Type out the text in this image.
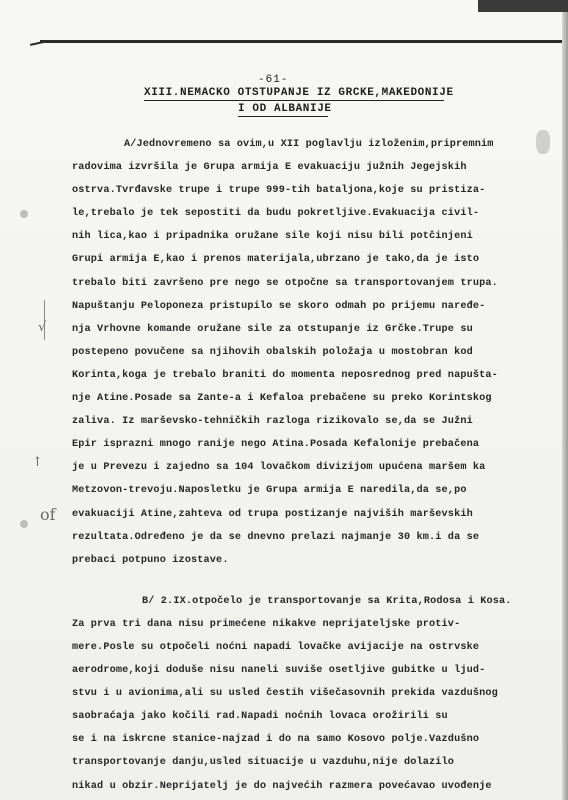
-61-
XIII.NEMACKO OTSTUPANJE IZ GRCKE,MAKEDONIJE
I OD ALBANIJE
√
↑
of

A/Jednovremeno sa ovim,u XII poglavlju izloženim,pripremnim

radovima izvršila je Grupa armija E evakuaciju južnih Jegejskih

ostrva.Tvrđavske trupe i trupe 999-tih bataljona,koje su pristiza-

le,trebalo je tek sepostiti da budu pokretljive.Evakuacija civil-

nih lica,kao i pripadnika oružane sile koji nisu bili potčinjeni

Grupi armija E,kao i prenos materijala,ubrzano je tako,da je isto

trebalo biti završeno pre nego se otpočne sa transportovanjem trupa.

Napuštanju Peloponeza pristupilo se skoro odmah po prijemu naređe-

nja Vrhovne komande oružane sile za otstupanje iz Grčke.Trupe su

postepeno povučene sa njihovih obalskih položaja u mostobran kod

Korinta,koga je trebalo braniti do momenta neposrednog pred napušta-

nje Atine.Posade sa Zante-a i Kefaloa prebačene su preko Korintskog

zaliva. Iz marševsko-tehničkih razloga rizikovalo se,da se Južni

Epir isprazni mnogo ranije nego Atina.Posada Kefalonije prebačena

je u Prevezu i zajedno sa 104 lovačkom divizijom upućena maršem ka

Metzovon-trevoju.Naposletku je Grupa armija E naredila,da se,po

evakuaciji Atine,zahteva od trupa postizanje najviših marševskih

rezultata.Određeno je da se dnevno prelazi najmanje 30 km.i da se

prebaci potpuno izostave.

B/ 2.IX.otpočelo je transportovanje sa Krita,Rodosa i Kosa.

Za prva tri dana nisu primećene nikakve neprijateljske protiv-

mere.Posle su otpočeli noćni napadi lovačke avijacije na ostrvske

aerodrome,koji doduše nisu naneli suviše osetljive gubitke u ljud-

stvu i u avionima,ali su usled čestih višečasovnih prekida vazdušnog

saobraćaja jako kočili rad.Napadi noćnih lovaca orožirili su

se i na iskrcne stanice-najzad i do na samo Kosovo polje.Vazdušno

transportovanje danju,usled situacije u vazduhu,nije dolazilo

nikad u obzir.Neprijatelj je do najvećih razmera povećavao uvođenje
